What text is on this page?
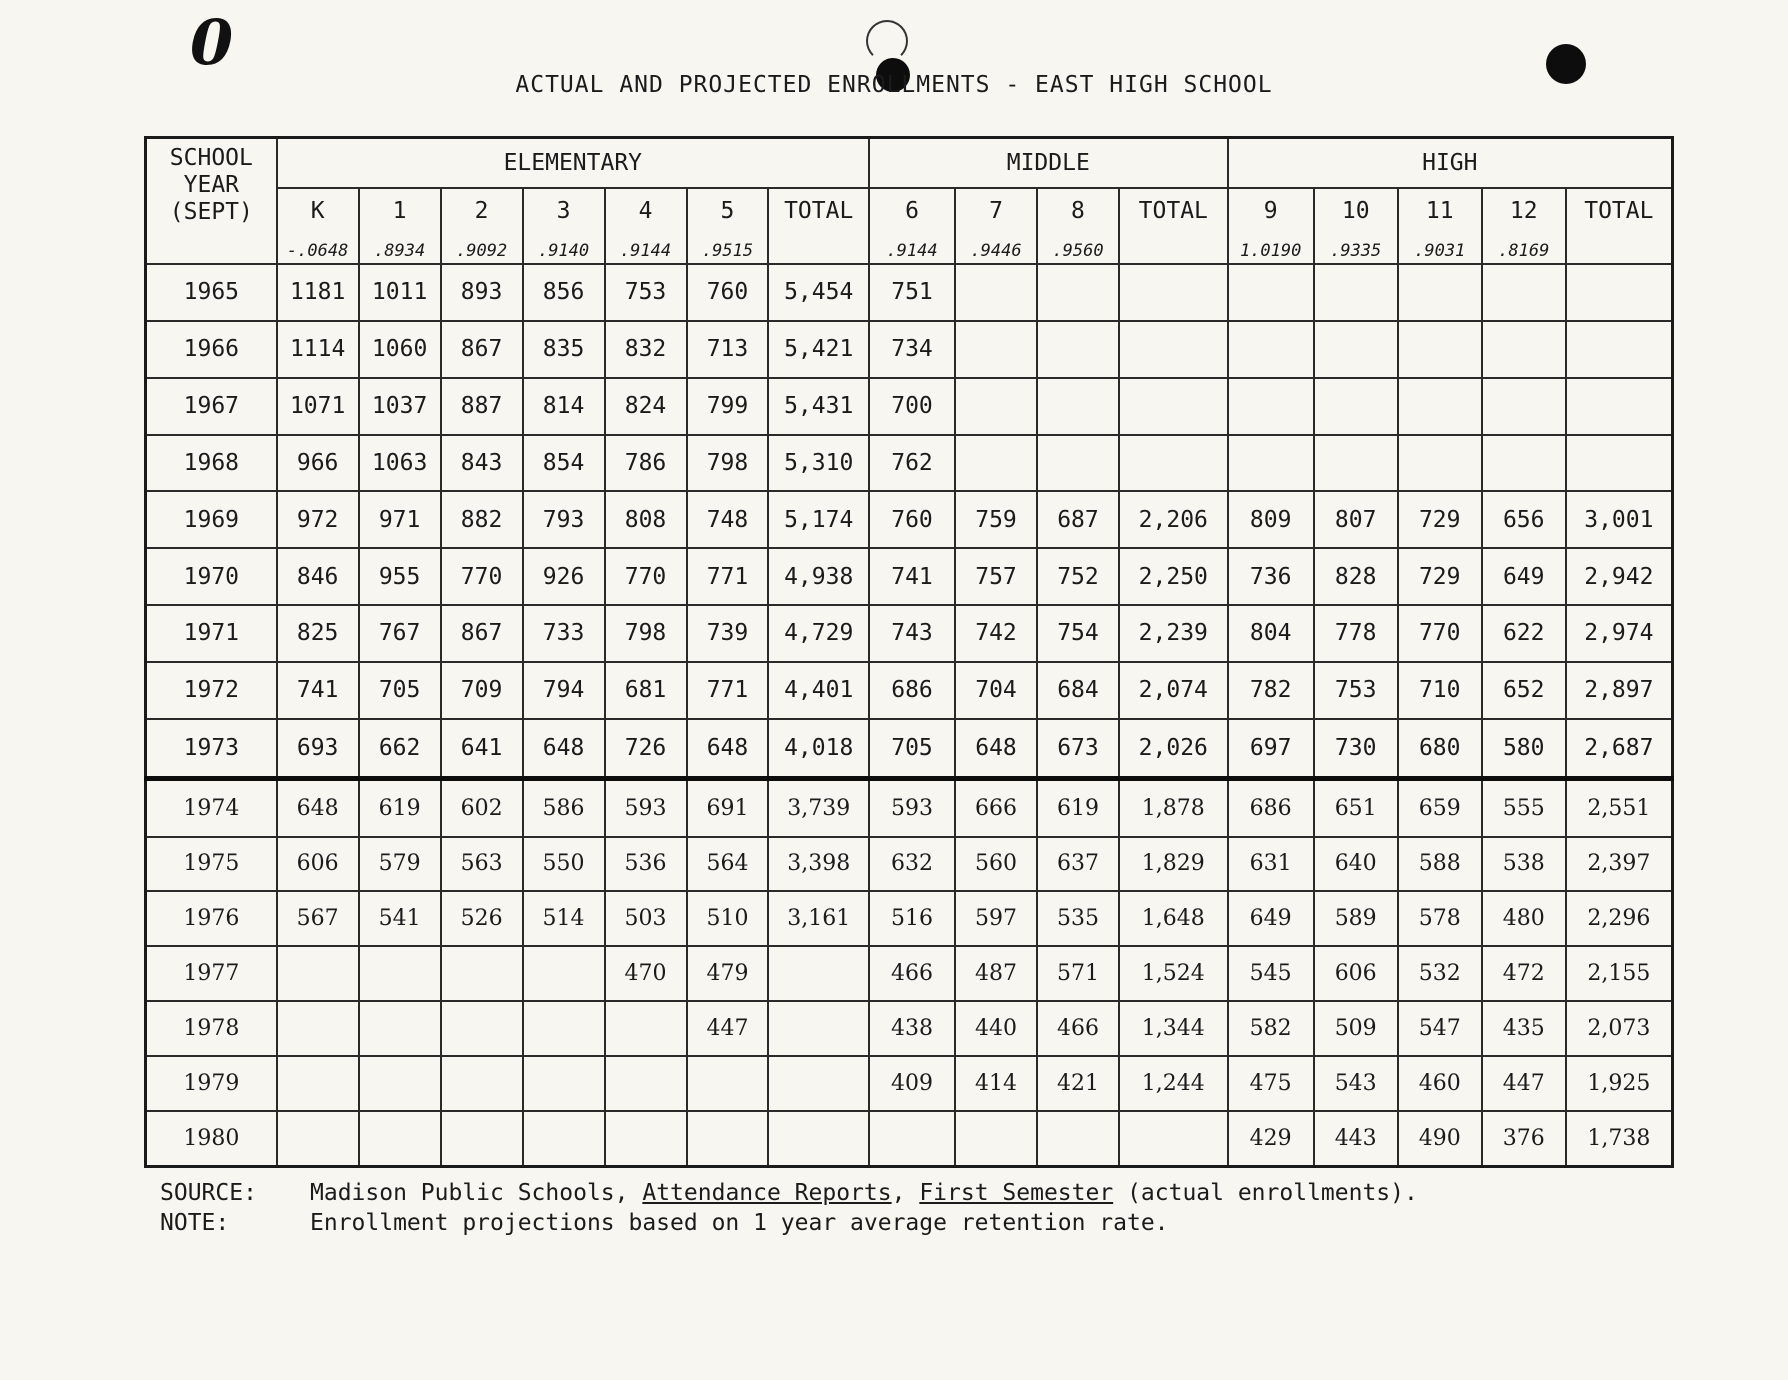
0
ACTUAL AND PROJECTED ENROLLMENTS - EAST HIGH SCHOOL
SCHOOL
YEAR
(SEPT)	ELEMENTARY							MIDDLE				HIGH				
	K	1	2	3	4	5	TOTAL	6	7	8	TOTAL	9	10	11	12	TOTAL
	-.0648	.8934	.9092	.9140	.9144	.9515		.9144	.9446	.9560		1.0190	.9335	.9031	.8169	
1965	1181	1011	893	856	753	760	5,454	751								
1966	1114	1060	867	835	832	713	5,421	734								
1967	1071	1037	887	814	824	799	5,431	700								
1968	966	1063	843	854	786	798	5,310	762								
1969	972	971	882	793	808	748	5,174	760	759	687	2,206	809	807	729	656	3,001
1970	846	955	770	926	770	771	4,938	741	757	752	2,250	736	828	729	649	2,942
1971	825	767	867	733	798	739	4,729	743	742	754	2,239	804	778	770	622	2,974
1972	741	705	709	794	681	771	4,401	686	704	684	2,074	782	753	710	652	2,897
1973	693	662	641	648	726	648	4,018	705	648	673	2,026	697	730	680	580	2,687
1974	648	619	602	586	593	691	3,739	593	666	619	1,878	686	651	659	555	2,551
1975	606	579	563	550	536	564	3,398	632	560	637	1,829	631	640	588	538	2,397
1976	567	541	526	514	503	510	3,161	516	597	535	1,648	649	589	578	480	2,296
1977					470	479		466	487	571	1,524	545	606	532	472	2,155
1978						447		438	440	466	1,344	582	509	547	435	2,073
1979								409	414	421	1,244	475	543	460	447	1,925
1980												429	443	490	376	1,738
SOURCE:	Madison Public Schools, Attendance Reports, First Semester (actual enrollments).
NOTE:	Enrollment projections based on 1 year average retention rate.
